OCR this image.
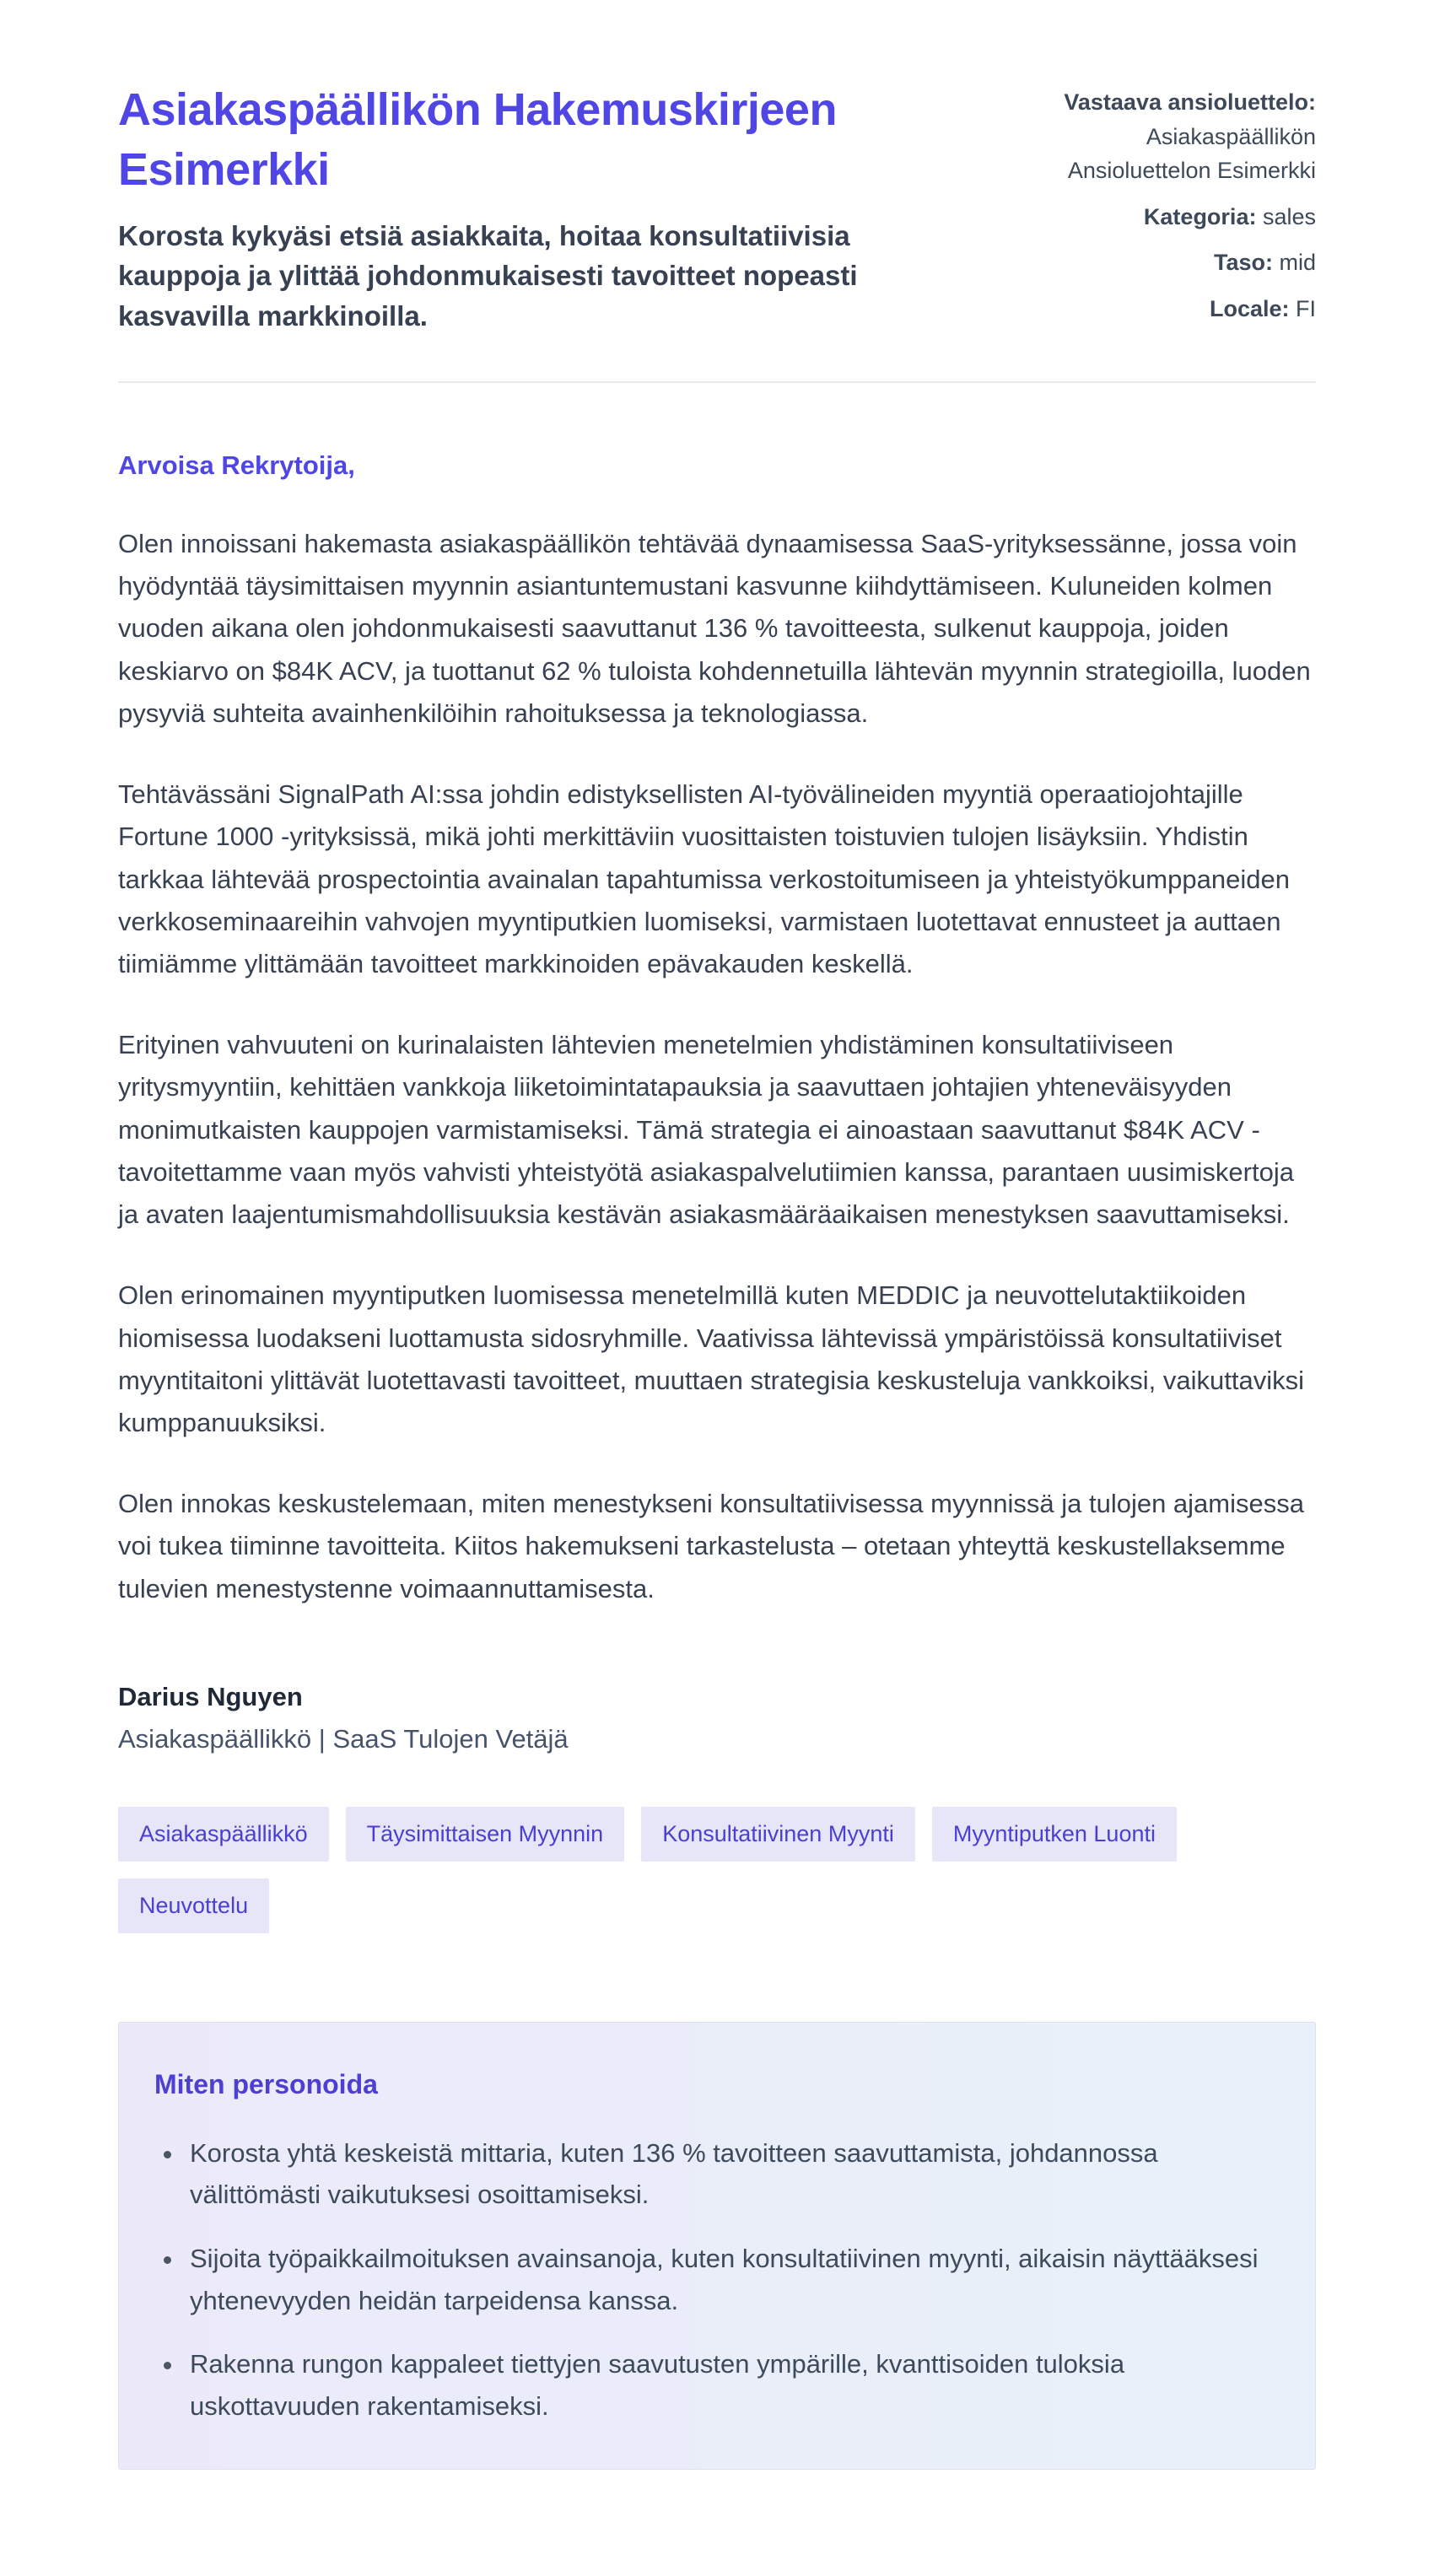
Asiakaspäällikön Hakemuskirjeen Esimerkki

Korosta kykyäsi etsiä asiakkaita, hoitaa konsultatiivisia kauppoja ja ylittää johdonmukaisesti tavoitteet nopeasti kasvavilla markkinoilla.

Vastaava ansioluettelo: Asiakaspäällikön Ansioluettelon Esimerkki
Kategoria: sales
Taso: mid
Locale: FI

Arvoisa Rekrytoija,

Olen innoissani hakemasta asiakaspäällikön tehtävää dynaamisessa SaaS-yrityksessänne, jossa voin hyödyntää täysimittaisen myynnin asiantuntemustani kasvunne kiihdyttämiseen. Kuluneiden kolmen vuoden aikana olen johdonmukaisesti saavuttanut 136 % tavoitteesta, sulkenut kauppoja, joiden keskiarvo on $84K ACV, ja tuottanut 62 % tuloista kohdennetuilla lähtevän myynnin strategioilla, luoden pysyviä suhteita avainhenkilöihin rahoituksessa ja teknologiassa.

Tehtävässäni SignalPath AI:ssa johdin edistyksellisten AI-työvälineiden myyntiä operaatiojohtajille Fortune 1000 -yrityksissä, mikä johti merkittäviin vuosittaisten toistuvien tulojen lisäyksiin. Yhdistin tarkkaa lähtevää prospectointia avainalan tapahtumissa verkostoitumiseen ja yhteistyökumppaneiden verkkoseminaareihin vahvojen myyntiputkien luomiseksi, varmistaen luotettavat ennusteet ja auttaen tiimiämme ylittämään tavoitteet markkinoiden epävakauden keskellä.

Erityinen vahvuuteni on kurinalaisten lähtevien menetelmien yhdistäminen konsultatiiviseen yritysmyyntiin, kehittäen vankkoja liiketoimintatapauksia ja saavuttaen johtajien yhteneväisyyden monimutkaisten kauppojen varmistamiseksi. Tämä strategia ei ainoastaan saavuttanut $84K ACV -tavoitettamme vaan myös vahvisti yhteistyötä asiakaspalvelutiimien kanssa, parantaen uusimiskertoja ja avaten laajentumismahdollisuuksia kestävän asiakasmääräaikaisen menestyksen saavuttamiseksi.

Olen erinomainen myyntiputken luomisessa menetelmillä kuten MEDDIC ja neuvottelutaktiikoiden hiomisessa luodakseni luottamusta sidosryhmille. Vaativissa lähtevissä ympäristöissä konsultatiiviset myyntitaitoni ylittävät luotettavasti tavoitteet, muuttaen strategisia keskusteluja vankkoiksi, vaikuttaviksi kumppanuuksiksi.

Olen innokas keskustelemaan, miten menestykseni konsultatiivisessa myynnissä ja tulojen ajamisessa voi tukea tiiminne tavoitteita. Kiitos hakemukseni tarkastelusta – otetaan yhteyttä keskustellaksemme tulevien menestystenne voimaannuttamisesta.

Darius Nguyen

Asiakaspäällikkö | SaaS Tulojen Vetäjä

Asiakaspäällikkö	Täysimittaisen Myynnin	Konsultatiivinen Myynti	Myyntiputken Luonti
Neuvottelu
Miten personoida
• Korosta yhtä keskeistä mittaria, kuten 136 % tavoitteen saavuttamista, johdannossa välittömästi vaikutuksesi osoittamiseksi.
• Sijoita työpaikkailmoituksen avainsanoja, kuten konsultatiivinen myynti, aikaisin näyttääksesi yhtenevyyden heidän tarpeidensa kanssa.
• Rakenna rungon kappaleet tiettyjen saavutusten ympärille, kvanttisoiden tuloksia uskottavuuden rakentamiseksi.
